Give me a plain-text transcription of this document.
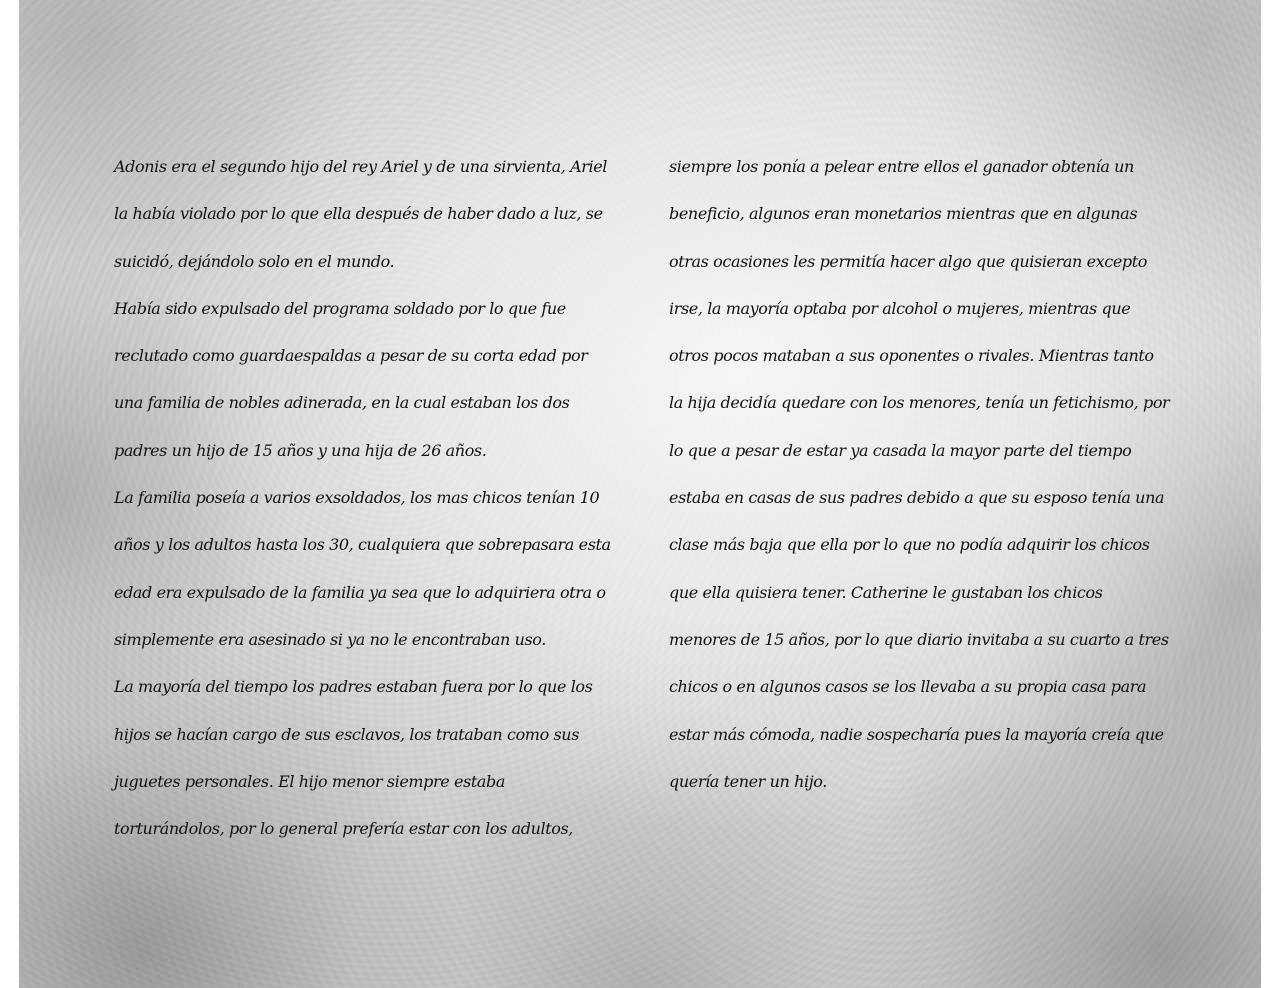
Adonis era el segundo hijo del rey Ariel y de una sirvienta, Ariel
la había violado por lo que ella después de haber dado a luz, se
suicidó, dejándolo solo en el mundo.
Había sido expulsado del programa soldado por lo que fue
reclutado como guardaespaldas a pesar de su corta edad por
una familia de nobles adinerada, en la cual estaban los dos
padres un hijo de 15 años y una hija de 26 años.
La familia poseía a varios exsoldados, los mas chicos tenían 10
años y los adultos hasta los 30, cualquiera que sobrepasara esta
edad era expulsado de la familia ya sea que lo adquiriera otra o
simplemente era asesinado si ya no le encontraban uso.
La mayoría del tiempo los padres estaban fuera por lo que los
hijos se hacían cargo de sus esclavos, los trataban como sus
juguetes personales. El hijo menor siempre estaba
torturándolos, por lo general prefería estar con los adultos,
siempre los ponía a pelear entre ellos el ganador obtenía un
beneficio, algunos eran monetarios mientras que en algunas
otras ocasiones les permitía hacer algo que quisieran excepto
irse, la mayoría optaba por alcohol o mujeres, mientras que
otros pocos mataban a sus oponentes o rivales. Mientras tanto
la hija decidía quedare con los menores, tenía un fetichismo, por
lo que a pesar de estar ya casada la mayor parte del tiempo
estaba en casas de sus padres debido a que su esposo tenía una
clase más baja que ella por lo que no podía adquirir los chicos
que ella quisiera tener. Catherine le gustaban los chicos
menores de 15 años, por lo que diario invitaba a su cuarto a tres
chicos o en algunos casos se los llevaba a su propia casa para
estar más cómoda, nadie sospecharía pues la mayoría creía que
quería tener un hijo.
